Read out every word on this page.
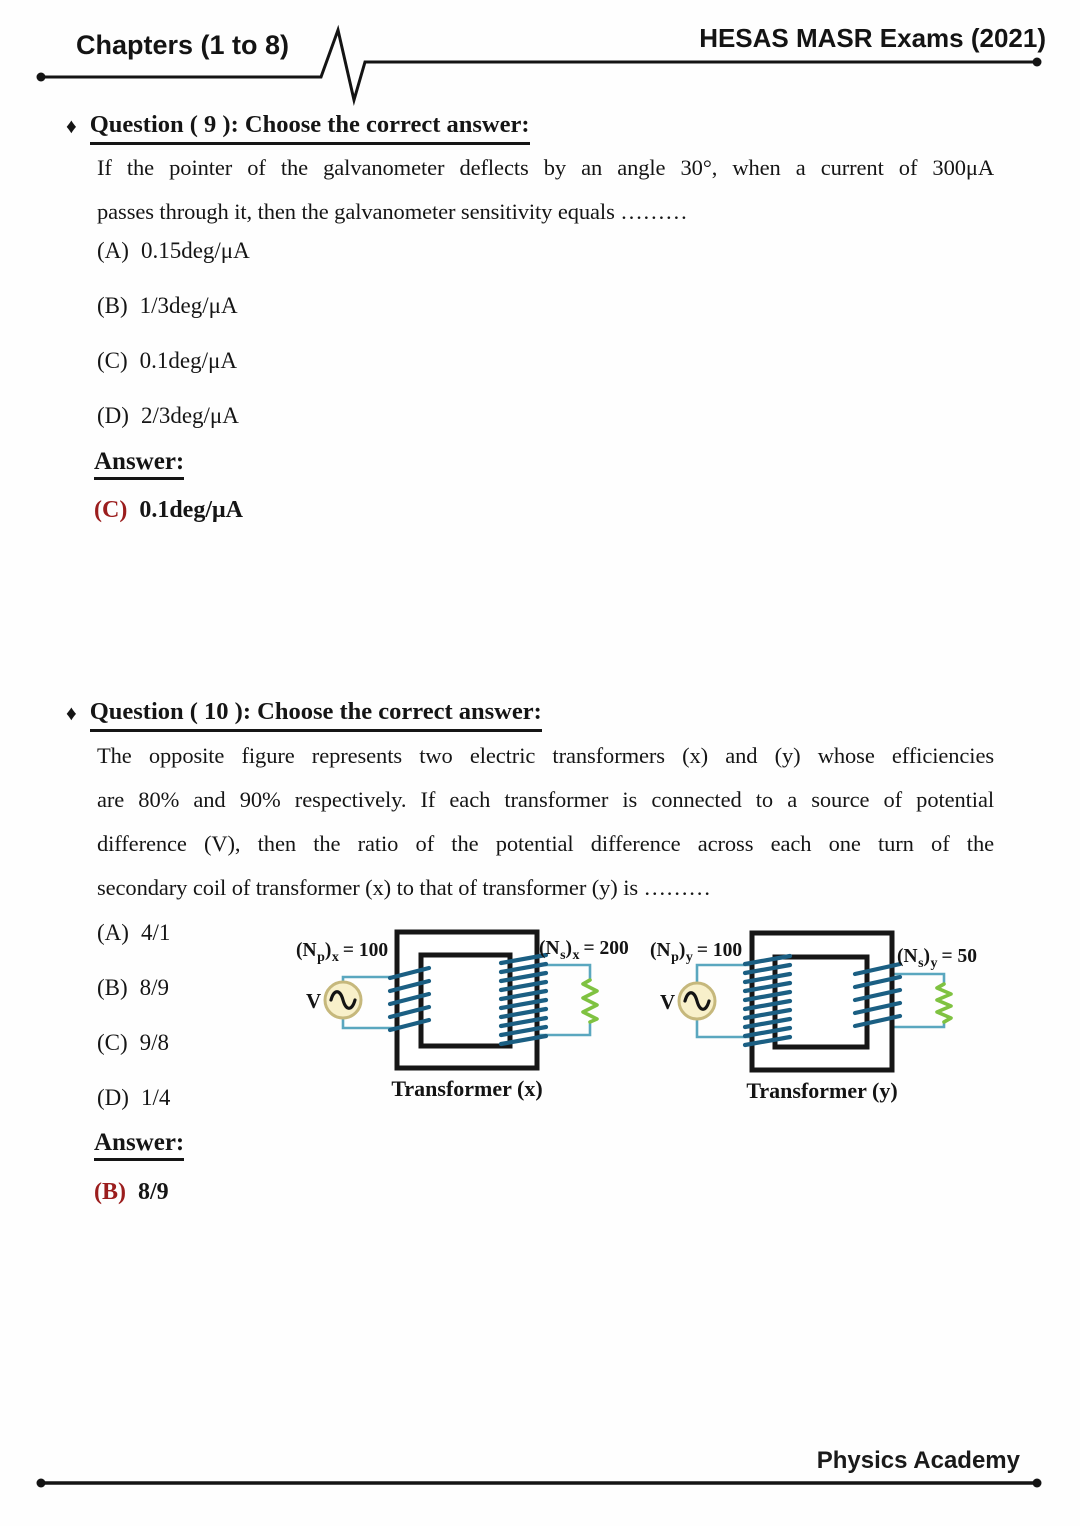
Chapters (1 to 8)	HESAS MASR Exams (2021)
♦ Question ( 9 ): Choose the correct answer:
If the pointer of the galvanometer deflects by an angle 30°, when a current of 300μA
passes through it, then the galvanometer sensitivity equals ………
(A) 0.15deg/μA
(B) 1/3deg/μA
(C) 0.1deg/μA
(D) 2/3deg/μA
Answer:
(C) 0.1deg/μA
♦ Question ( 10 ): Choose the correct answer:
The opposite figure represents two electric transformers (x) and (y) whose efficiencies
are 80% and 90% respectively. If each transformer is connected to a source of potential
difference (V), then the ratio of the potential difference across each one turn of the
secondary coil of transformer (x) to that of transformer (y) is ………
(A) 4/1
(B) 8/9
(C) 9/8
(D) 1/4
Answer:
(B) 8/9
V
$(N_p)_x = 100$	$(N_s)_x = 200$
Transformer (x)
V
$(N_p)_y = 100$	$(N_s)_y = 50$
Transformer (y)
Physics Academy
